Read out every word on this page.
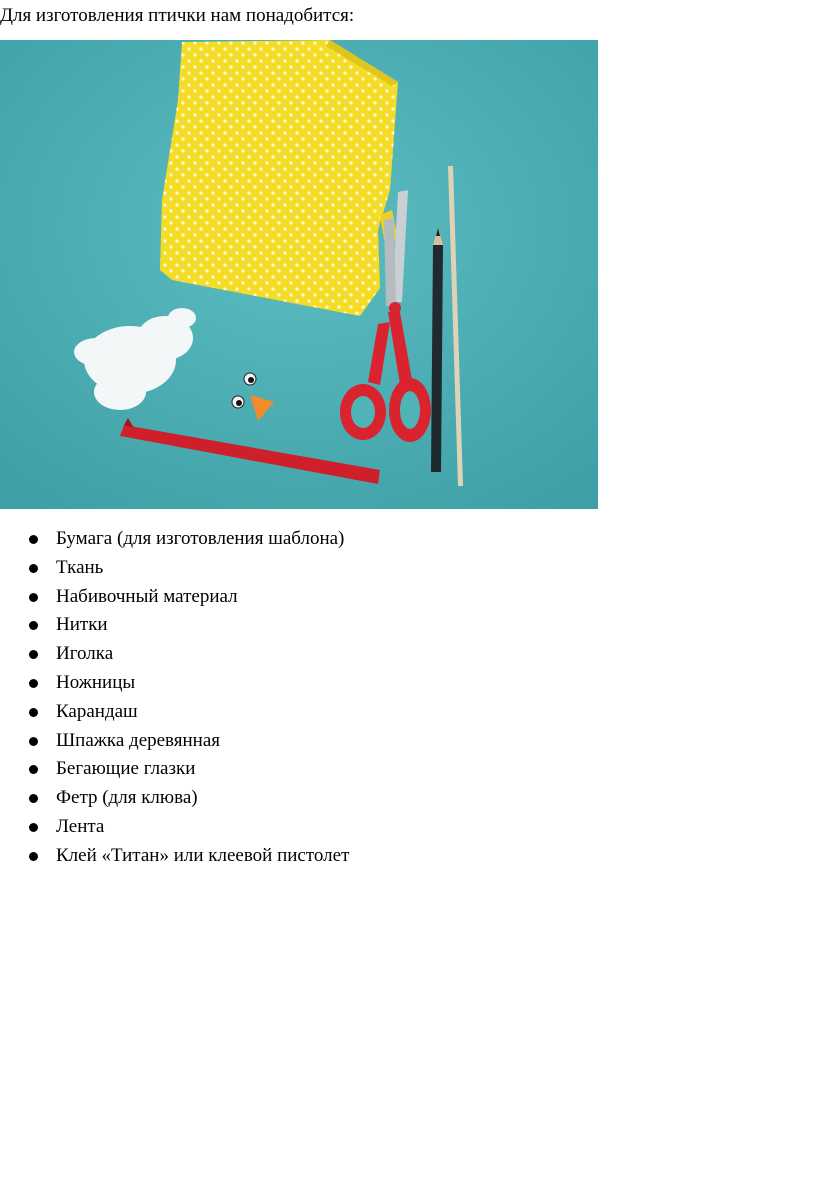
Для изготовления птички нам понадобится:
Бумага (для изготовления шаблона)
Ткань
Набивочный материал
Нитки
Иголка
Ножницы
Карандаш
Шпажка деревянная
Бегающие глазки
Фетр (для клюва)
Лента
Клей «Титан» или клеевой пистолет
